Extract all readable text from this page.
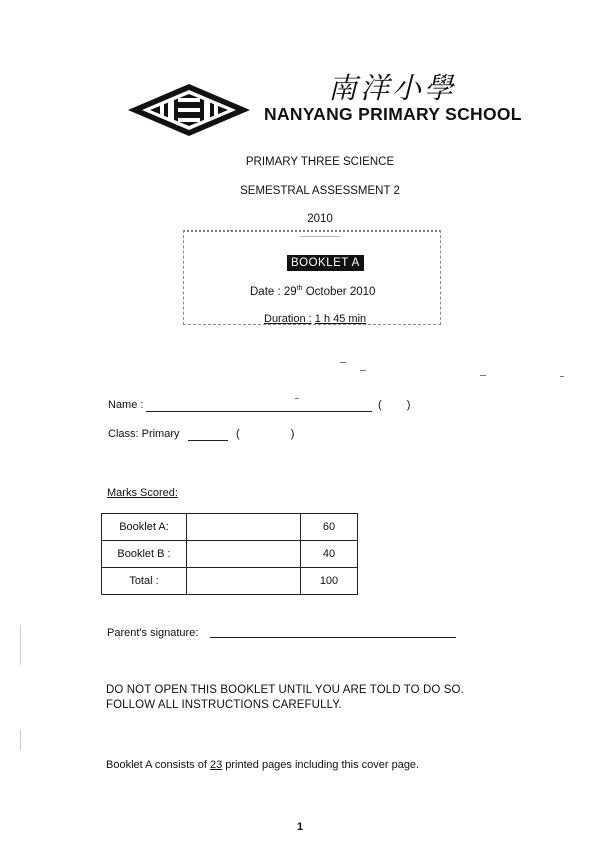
南洋小學
NANYANG PRIMARY SCHOOL
PRIMARY THREE SCIENCE
SEMESTRAL ASSESSMENT 2
2010
BOOKLET A
Date : 29th October 2010
Duration : 1 h 45 min
Name :	( )
Class: Primary	( )
Marks Scored:
Booklet A:		60
Booklet B :		40
Total :		100
Parent's signature:
DO NOT OPEN THIS BOOKLET UNTIL YOU ARE TOLD TO DO SO.
FOLLOW ALL INSTRUCTIONS CAREFULLY.
Booklet A consists of 23 printed pages including this cover page.
1
